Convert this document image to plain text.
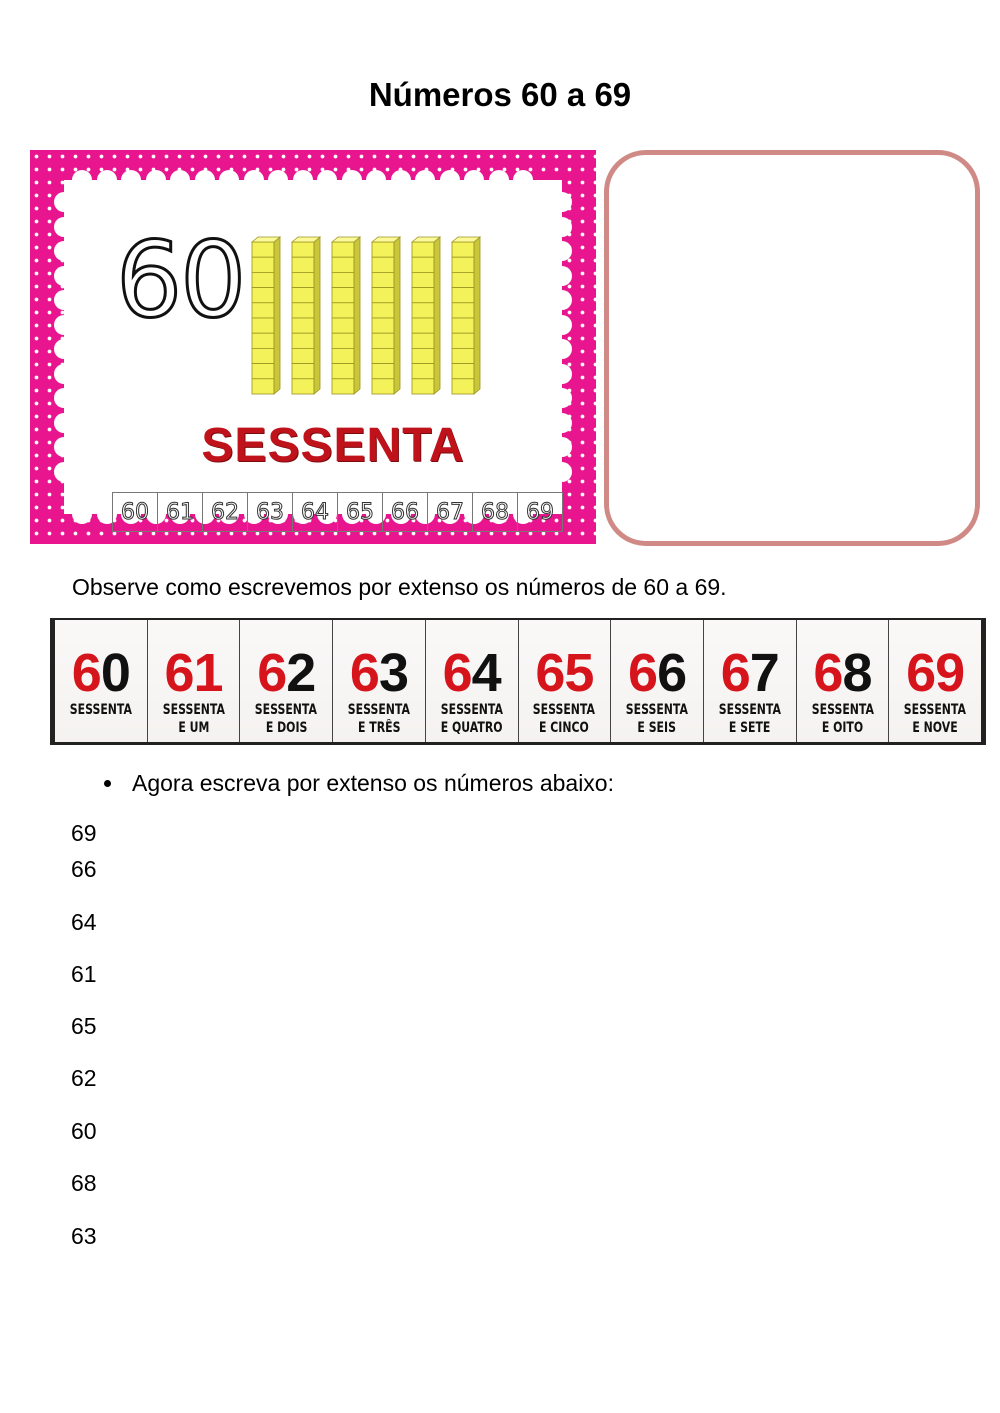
Números 60 a 69
60
SESSENTA
60 61 62 63 64 65 66 67 68 69
Observe como escrevemos por extenso os números de 60 a 69.
60
SESSENTA
61
SESSENTA
E UM
62
SESSENTA
E DOIS
63
SESSENTA
E TRÊS
64
SESSENTA
E QUATRO
65
SESSENTA
E CINCO
66
SESSENTA
E SEIS
67
SESSENTA
E SETE
68
SESSENTA
E OITO
69
SESSENTA
E NOVE
Agora escreva por extenso os números abaixo:
69
66
64
61
65
62
60
68
63
